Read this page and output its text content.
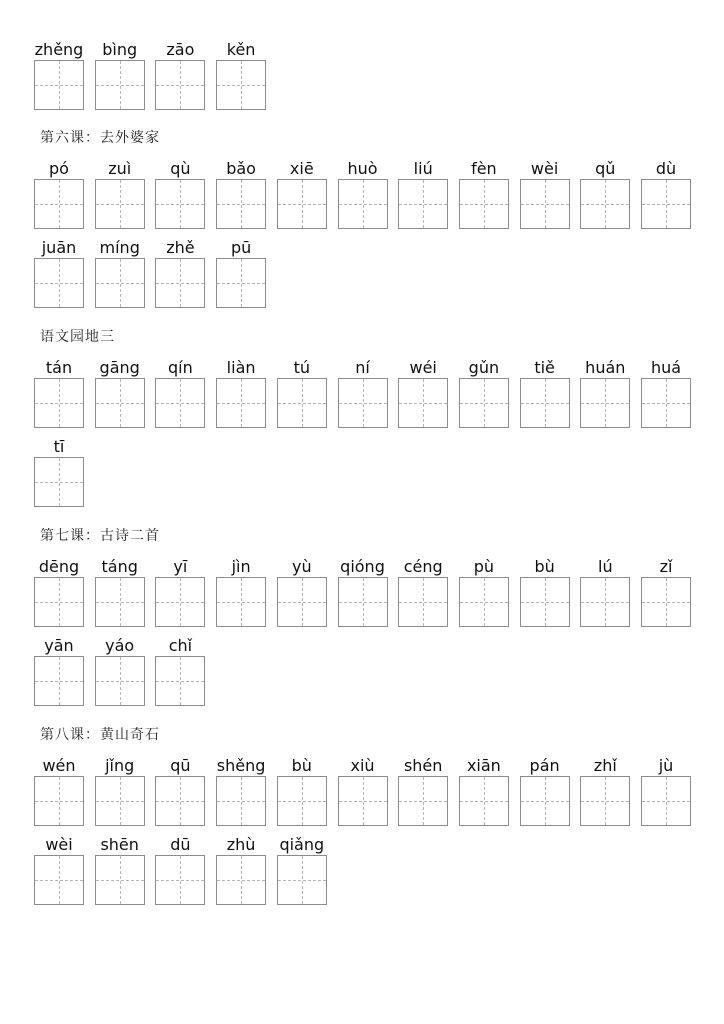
zhěng	bìng	zāo	kěn
第六课：去外婆家
pó	zuì	qù	bǎo	xiē	huò	liú	fèn	wèi	qǔ	dù
juān	míng	zhě	pū
语文园地三
tán	gāng	qín	liàn	tú	ní	wéi	gǔn	tiě	huán	huá
tī
第七课：古诗二首
dēng	táng	yī	jìn	yù	qióng	céng	pù	bù	lú	zǐ
yān	yáo	chǐ
第八课：黄山奇石
wén	jǐng	qū	shěng	bù	xiù	shén	xiān	pán	zhǐ	jù
wèi	shēn	dū	zhù	qiǎng
